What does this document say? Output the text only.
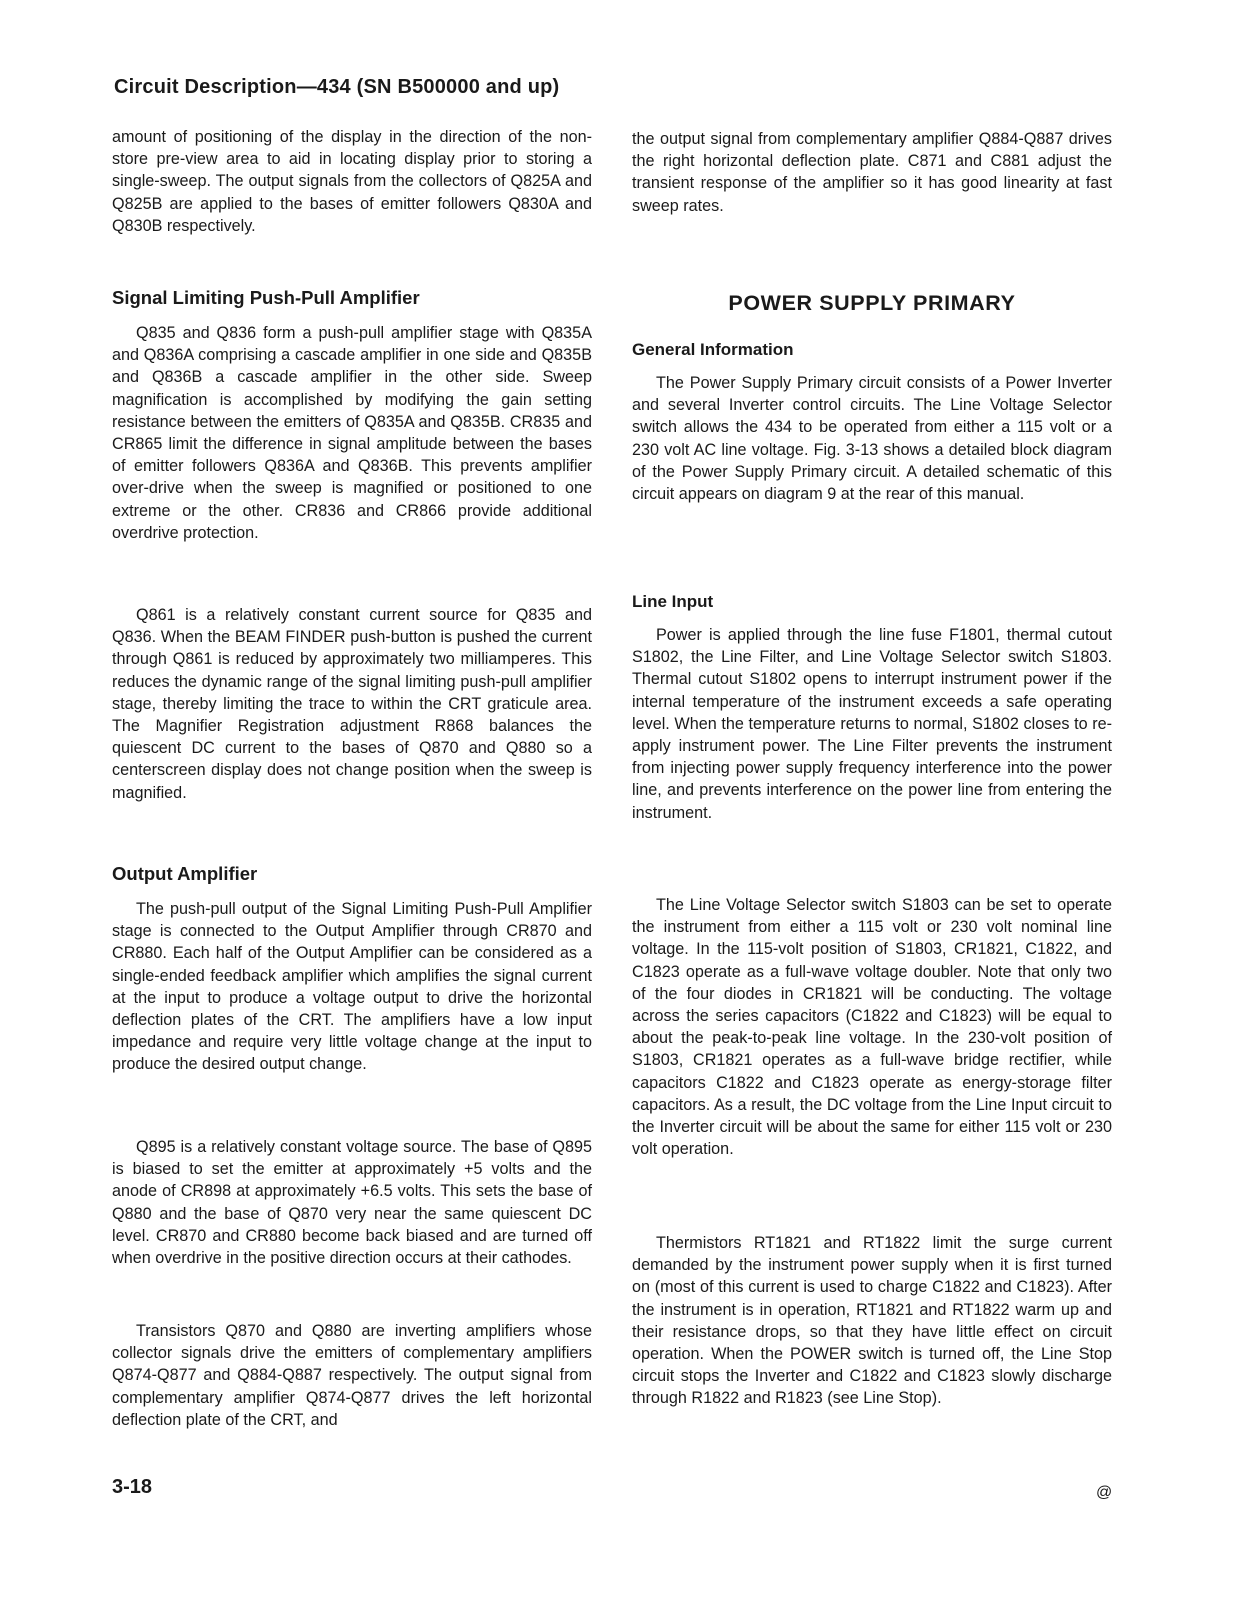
Circuit Description—434 (SN B500000 and up)

amount of positioning of the display in the direction of the non-store pre-view area to aid in locating display prior to storing a single-sweep. The output signals from the collectors of Q825A and Q825B are applied to the bases of emitter followers Q830A and Q830B respectively.

Signal Limiting Push-Pull Amplifier

Q835 and Q836 form a push-pull amplifier stage with Q835A and Q836A comprising a cascade amplifier in one side and Q835B and Q836B a cascade amplifier in the other side. Sweep magnification is accomplished by modifying the gain setting resistance between the emitters of Q835A and Q835B. CR835 and CR865 limit the difference in signal amplitude between the bases of emitter followers Q836A and Q836B. This prevents amplifier over-drive when the sweep is magnified or positioned to one extreme or the other. CR836 and CR866 provide additional overdrive protection.

Q861 is a relatively constant current source for Q835 and Q836. When the BEAM FINDER push-button is pushed the current through Q861 is reduced by approximately two milliamperes. This reduces the dynamic range of the signal limiting push-pull amplifier stage, thereby limiting the trace to within the CRT graticule area. The Magnifier Registration adjustment R868 balances the quiescent DC current to the bases of Q870 and Q880 so a centerscreen display does not change position when the sweep is magnified.

Output Amplifier

The push-pull output of the Signal Limiting Push-Pull Amplifier stage is connected to the Output Amplifier through CR870 and CR880. Each half of the Output Amplifier can be considered as a single-ended feedback amplifier which amplifies the signal current at the input to produce a voltage output to drive the horizontal deflection plates of the CRT. The amplifiers have a low input impedance and require very little voltage change at the input to produce the desired output change.

Q895 is a relatively constant voltage source. The base of Q895 is biased to set the emitter at approximately +5 volts and the anode of CR898 at approximately +6.5 volts. This sets the base of Q880 and the base of Q870 very near the same quiescent DC level. CR870 and CR880 become back biased and are turned off when overdrive in the positive direction occurs at their cathodes.

Transistors Q870 and Q880 are inverting amplifiers whose collector signals drive the emitters of complementary amplifiers Q874-Q877 and Q884-Q887 respectively. The output signal from complementary amplifier Q874-Q877 drives the left horizontal deflection plate of the CRT, and

the output signal from complementary amplifier Q884-Q887 drives the right horizontal deflection plate. C871 and C881 adjust the transient response of the amplifier so it has good linearity at fast sweep rates.

POWER SUPPLY PRIMARY
General Information

The Power Supply Primary circuit consists of a Power Inverter and several Inverter control circuits. The Line Voltage Selector switch allows the 434 to be operated from either a 115 volt or a 230 volt AC line voltage. Fig. 3-13 shows a detailed block diagram of the Power Supply Primary circuit. A detailed schematic of this circuit appears on diagram 9 at the rear of this manual.

Line Input

Power is applied through the line fuse F1801, thermal cutout S1802, the Line Filter, and Line Voltage Selector switch S1803. Thermal cutout S1802 opens to interrupt instrument power if the internal temperature of the instrument exceeds a safe operating level. When the temperature returns to normal, S1802 closes to re-apply instrument power. The Line Filter prevents the instrument from injecting power supply frequency interference into the power line, and prevents interference on the power line from entering the instrument.

The Line Voltage Selector switch S1803 can be set to operate the instrument from either a 115 volt or 230 volt nominal line voltage. In the 115-volt position of S1803, CR1821, C1822, and C1823 operate as a full-wave voltage doubler. Note that only two of the four diodes in CR1821 will be conducting. The voltage across the series capacitors (C1822 and C1823) will be equal to about the peak-to-peak line voltage. In the 230-volt position of S1803, CR1821 operates as a full-wave bridge rectifier, while capacitors C1822 and C1823 operate as energy-storage filter capacitors. As a result, the DC voltage from the Line Input circuit to the Inverter circuit will be about the same for either 115 volt or 230 volt operation.

Thermistors RT1821 and RT1822 limit the surge current demanded by the instrument power supply when it is first turned on (most of this current is used to charge C1822 and C1823). After the instrument is in operation, RT1821 and RT1822 warm up and their resistance drops, so that they have little effect on circuit operation. When the POWER switch is turned off, the Line Stop circuit stops the Inverter and C1822 and C1823 slowly discharge through R1822 and R1823 (see Line Stop).

3-18	@
